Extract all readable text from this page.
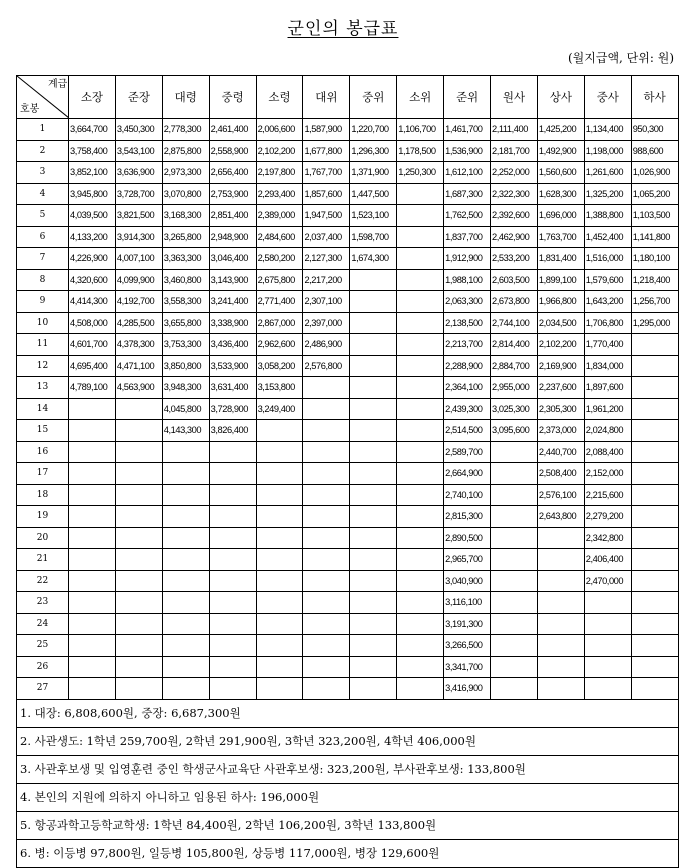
군인의 봉급표
(월지급액, 단위: 원)
계급
호봉	소장	준장	대령	중령	소령	대위	중위	소위	준위	원사	상사	중사	하사
1	3,664,700	3,450,300	2,778,300	2,461,400	2,006,600	1,587,900	1,220,700	1,106,700	1,461,700	2,111,400	1,425,200	1,134,400	950,300
2	3,758,400	3,543,100	2,875,800	2,558,900	2,102,200	1,677,800	1,296,300	1,178,500	1,536,900	2,181,700	1,492,900	1,198,000	988,600
3	3,852,100	3,636,900	2,973,300	2,656,400	2,197,800	1,767,700	1,371,900	1,250,300	1,612,100	2,252,000	1,560,600	1,261,600	1,026,900
4	3,945,800	3,728,700	3,070,800	2,753,900	2,293,400	1,857,600	1,447,500		1,687,300	2,322,300	1,628,300	1,325,200	1,065,200
5	4,039,500	3,821,500	3,168,300	2,851,400	2,389,000	1,947,500	1,523,100		1,762,500	2,392,600	1,696,000	1,388,800	1,103,500
6	4,133,200	3,914,300	3,265,800	2,948,900	2,484,600	2,037,400	1,598,700		1,837,700	2,462,900	1,763,700	1,452,400	1,141,800
7	4,226,900	4,007,100	3,363,300	3,046,400	2,580,200	2,127,300	1,674,300		1,912,900	2,533,200	1,831,400	1,516,000	1,180,100
8	4,320,600	4,099,900	3,460,800	3,143,900	2,675,800	2,217,200			1,988,100	2,603,500	1,899,100	1,579,600	1,218,400
9	4,414,300	4,192,700	3,558,300	3,241,400	2,771,400	2,307,100			2,063,300	2,673,800	1,966,800	1,643,200	1,256,700
10	4,508,000	4,285,500	3,655,800	3,338,900	2,867,000	2,397,000			2,138,500	2,744,100	2,034,500	1,706,800	1,295,000
11	4,601,700	4,378,300	3,753,300	3,436,400	2,962,600	2,486,900			2,213,700	2,814,400	2,102,200	1,770,400	
12	4,695,400	4,471,100	3,850,800	3,533,900	3,058,200	2,576,800			2,288,900	2,884,700	2,169,900	1,834,000	
13	4,789,100	4,563,900	3,948,300	3,631,400	3,153,800				2,364,100	2,955,000	2,237,600	1,897,600	
14			4,045,800	3,728,900	3,249,400				2,439,300	3,025,300	2,305,300	1,961,200	
15			4,143,300	3,826,400					2,514,500	3,095,600	2,373,000	2,024,800	
16									2,589,700		2,440,700	2,088,400	
17									2,664,900		2,508,400	2,152,000	
18									2,740,100		2,576,100	2,215,600	
19									2,815,300		2,643,800	2,279,200	
20									2,890,500			2,342,800	
21									2,965,700			2,406,400	
22									3,040,900			2,470,000	
23									3,116,100				
24									3,191,300				
25									3,266,500				
26									3,341,700				
27									3,416,900				
1. 대장: 6,808,600원, 중장: 6,687,300원													
2. 사관생도: 1학년 259,700원, 2학년 291,900원, 3학년 323,200원, 4학년 406,000원													
3. 사관후보생 및 입영훈련 중인 학생군사교육단 사관후보생: 323,200원, 부사관후보생: 133,800원													
4. 본인의 지원에 의하지 아니하고 임용된 하사: 196,000원													
5. 항공과학고등학교학생: 1학년 84,400원, 2학년 106,200원, 3학년 133,800원													
6. 병: 이등병 97,800원, 일등병 105,800원, 상등병 117,000원, 병장 129,600원													
